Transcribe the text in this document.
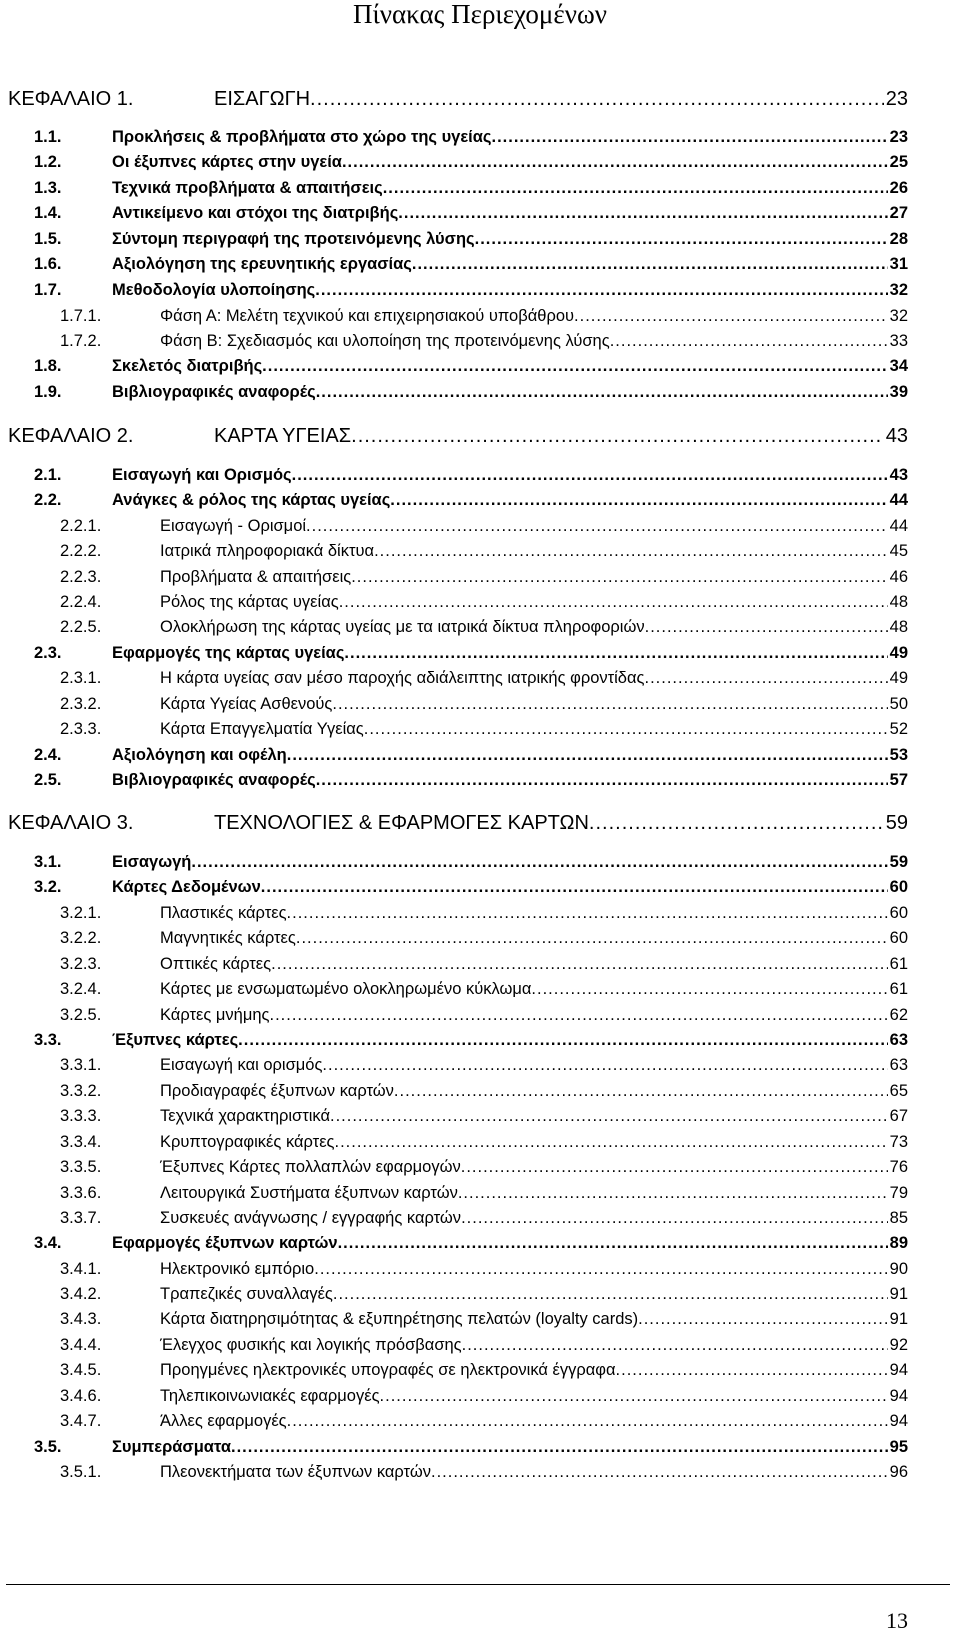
Πίνακας Περιεχομένων
ΚΕΦΑΛΑΙΟ 1.	ΕΙΣΑΓΩΓΗ .....	23
1.1.	Προκλήσεις & προβλήματα στο χώρο της υγείας .....	23
1.2.	Οι έξυπνες κάρτες στην υγεία .....	25
1.3.	Τεχνικά προβλήματα & απαιτήσεις .....	26
1.4.	Αντικείμενο και στόχοι της διατριβής .....	27
1.5.	Σύντομη περιγραφή της προτεινόμενης λύσης .....	28
1.6.	Αξιολόγηση της ερευνητικής εργασίας .....	31
1.7.	Μεθοδολογία υλοποίησης .....	32
1.7.1.	Φάση Α: Μελέτη τεχνικού και επιχειρησιακού υποβάθρου .....	32
1.7.2.	Φάση Β: Σχεδιασμός και υλοποίηση της προτεινόμενης λύσης .....	33
1.8.	Σκελετός διατριβής .....	34
1.9.	Βιβλιογραφικές αναφορές .....	39
ΚΕΦΑΛΑΙΟ 2.	ΚΑΡΤΑ ΥΓΕΙΑΣ .....	43
2.1.	Εισαγωγή και Ορισμός .....	43
2.2.	Ανάγκες & ρόλος της κάρτας υγείας .....	44
2.2.1.	Εισαγωγή - Ορισμοί .....	44
2.2.2.	Ιατρικά πληροφοριακά δίκτυα .....	45
2.2.3.	Προβλήματα & απαιτήσεις .....	46
2.2.4.	Ρόλος της κάρτας υγείας .....	48
2.2.5.	Ολοκλήρωση της κάρτας υγείας με τα ιατρικά δίκτυα πληροφοριών .....	48
2.3.	Εφαρμογές της κάρτας υγείας .....	49
2.3.1.	Η κάρτα υγείας σαν μέσο παροχής αδιάλειπτης ιατρικής φροντίδας .....	49
2.3.2.	Κάρτα Υγείας Ασθενούς .....	50
2.3.3.	Κάρτα Επαγγελματία Υγείας .....	52
2.4.	Αξιολόγηση και οφέλη .....	53
2.5.	Βιβλιογραφικές αναφορές .....	57
ΚΕΦΑΛΑΙΟ 3.	ΤΕΧΝΟΛΟΓΙΕΣ & ΕΦΑΡΜΟΓΕΣ ΚΑΡΤΩΝ .....	59
3.1.	Εισαγωγή .....	59
3.2.	Κάρτες Δεδομένων .....	60
3.2.1.	Πλαστικές κάρτες .....	60
3.2.2.	Μαγνητικές κάρτες .....	60
3.2.3.	Οπτικές κάρτες .....	61
3.2.4.	Κάρτες με ενσωματωμένο ολοκληρωμένο κύκλωμα .....	61
3.2.5.	Κάρτες μνήμης .....	62
3.3.	Έξυπνες κάρτες .....	63
3.3.1.	Εισαγωγή και ορισμός .....	63
3.3.2.	Προδιαγραφές έξυπνων καρτών .....	65
3.3.3.	Τεχνικά χαρακτηριστικά .....	67
3.3.4.	Κρυπτογραφικές κάρτες .....	73
3.3.5.	Έξυπνες Κάρτες πολλαπλών εφαρμογών .....	76
3.3.6.	Λειτουργικά Συστήματα έξυπνων καρτών .....	79
3.3.7.	Συσκευές ανάγνωσης / εγγραφής καρτών .....	85
3.4.	Εφαρμογές έξυπνων καρτών .....	89
3.4.1.	Ηλεκτρονικό εμπόριο .....	90
3.4.2.	Τραπεζικές συναλλαγές .....	91
3.4.3.	Κάρτα διατηρησιμότητας & εξυπηρέτησης πελατών (loyalty cards) .....	91
3.4.4.	Έλεγχος φυσικής και λογικής πρόσβασης .....	92
3.4.5.	Προηγμένες ηλεκτρονικές υπογραφές σε ηλεκτρονικά έγγραφα .....	94
3.4.6.	Τηλεπικοινωνιακές εφαρμογές .....	94
3.4.7.	Άλλες εφαρμογές .....	94
3.5.	Συμπεράσματα .....	95
3.5.1.	Πλεονεκτήματα των έξυπνων καρτών .....	96
13
